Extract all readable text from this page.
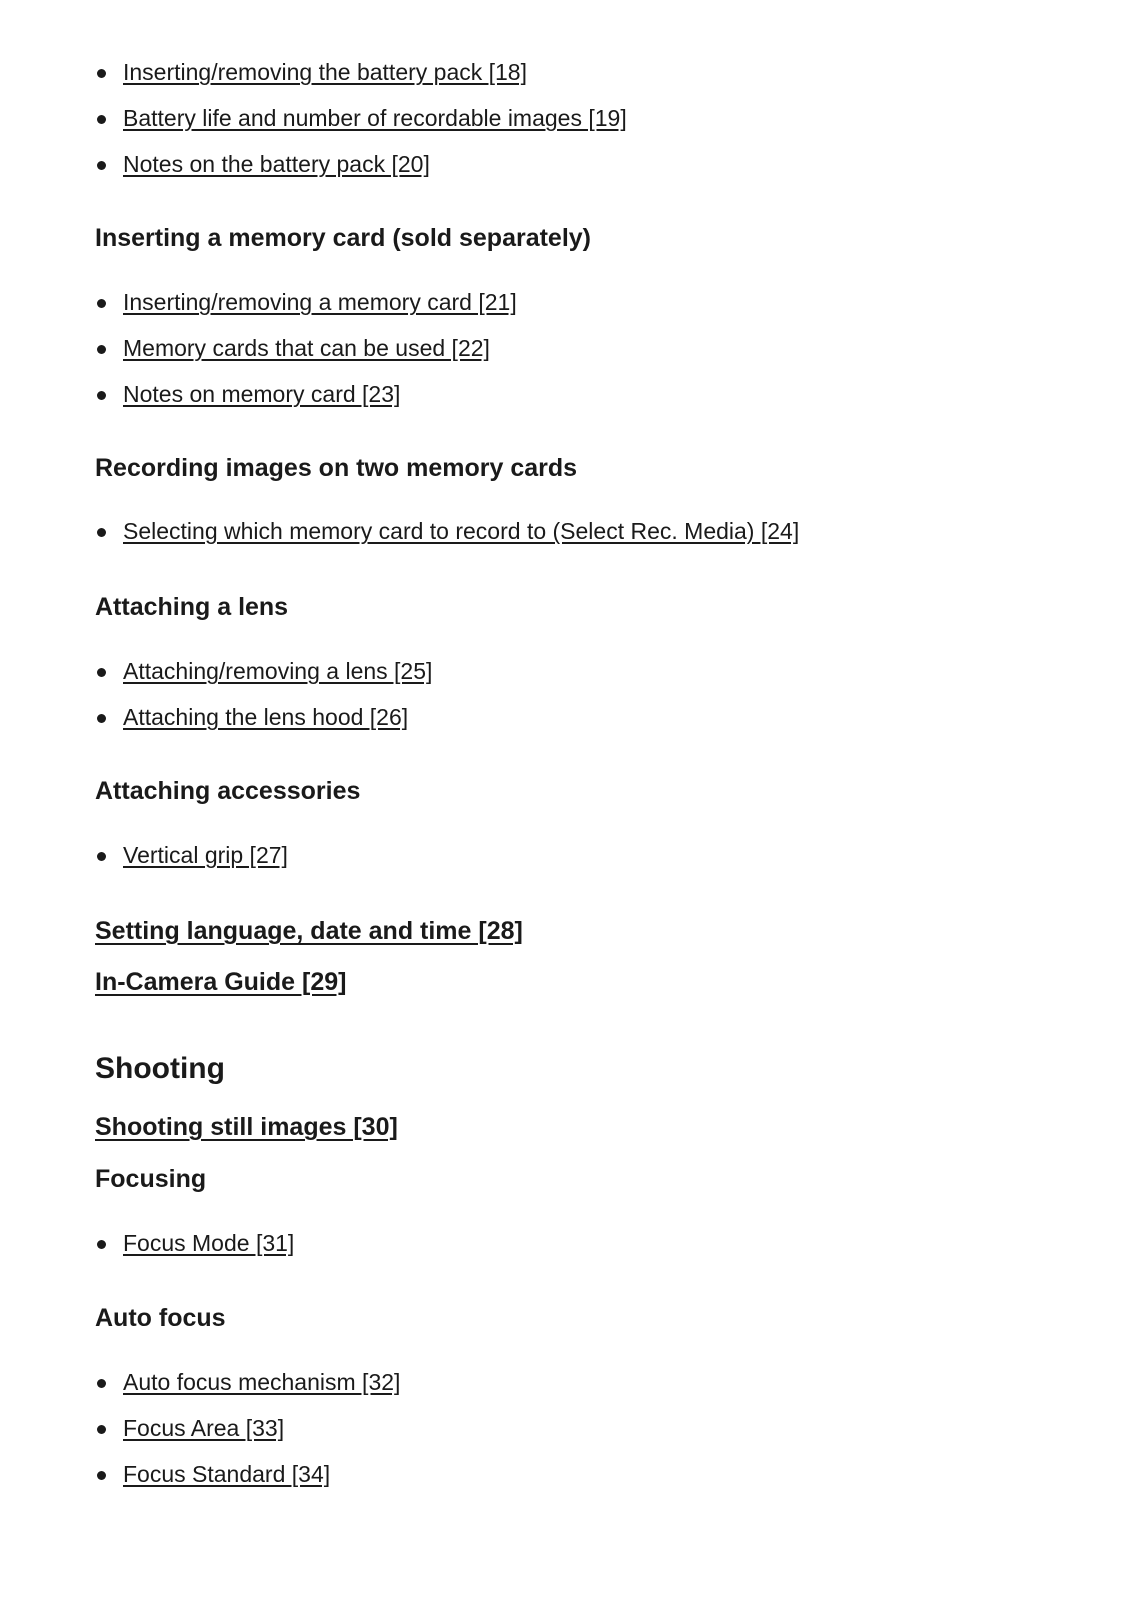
Inserting/removing the battery pack [18]
Battery life and number of recordable images [19]
Notes on the battery pack [20]
Inserting a memory card (sold separately)
Inserting/removing a memory card [21]
Memory cards that can be used [22]
Notes on memory card [23]
Recording images on two memory cards
Selecting which memory card to record to (Select Rec. Media) [24]
Attaching a lens
Attaching/removing a lens [25]
Attaching the lens hood [26]
Attaching accessories
Vertical grip [27]
Setting language, date and time [28]
In-Camera Guide [29]
Shooting
Shooting still images [30]
Focusing
Focus Mode [31]
Auto focus
Auto focus mechanism [32]
Focus Area [33]
Focus Standard [34]
